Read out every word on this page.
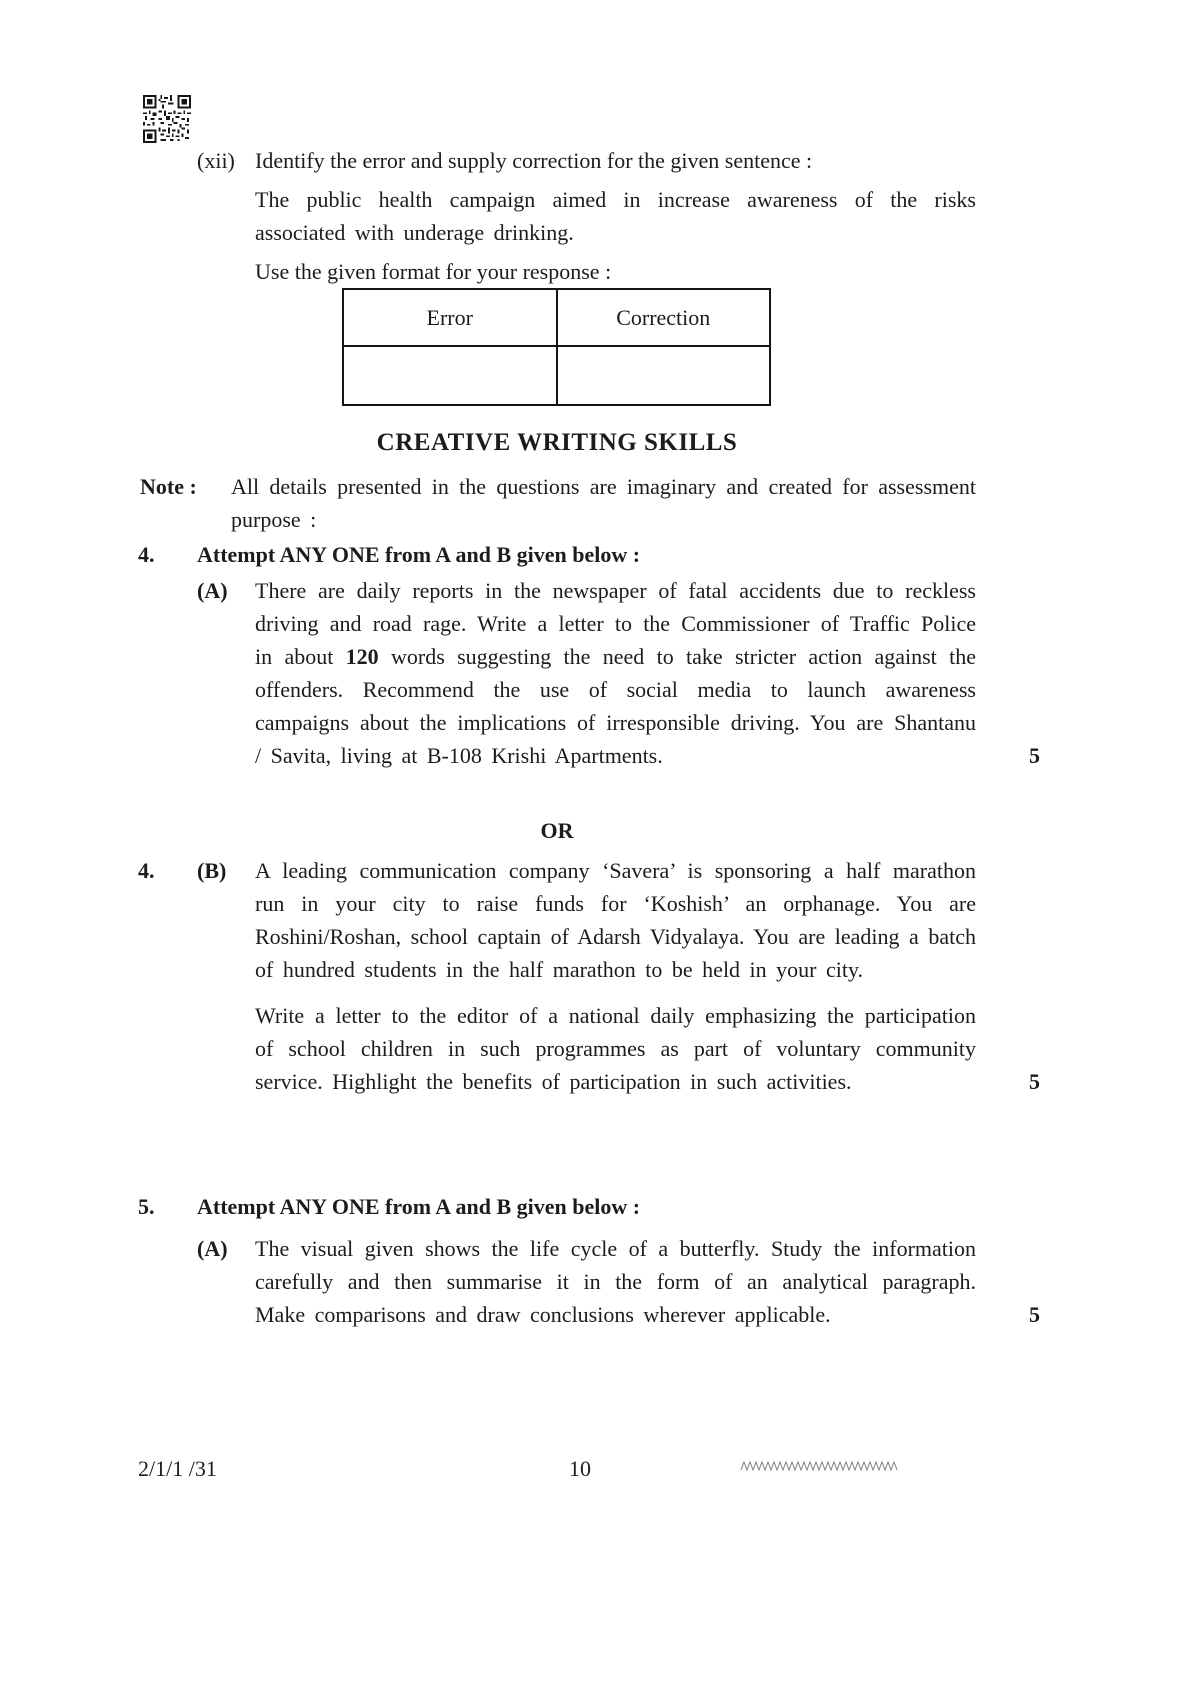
(xii) Identify the error and supply correction for the given sentence :

The public health campaign aimed in increase awareness of the risks associated with underage drinking.

Use the given format for your response :
Error	Correction
CREATIVE WRITING SKILLS
Note :	All details presented in the questions are imaginary and created for assessment purpose :

4.	Attempt ANY ONE from A and B given below :
(A)	There are daily reports in the newspaper of fatal accidents due to reckless driving and road rage. Write a letter to the Commissioner of Traffic Police in about 120 words suggesting the need to take stricter action against the offenders. Recommend the use of social media to launch awareness campaigns about the implications of irresponsible driving. You are Shantanu / Savita, living at B-108 Krishi Apartments.	5

OR
4.	(B)	A leading communication company ‘Savera’ is sponsoring a half marathon run in your city to raise funds for ‘Koshish’ an orphanage. You are Roshini/Roshan, school captain of Adarsh Vidyalaya. You are leading a batch of hundred students in the half marathon to be held in your city.

Write a letter to the editor of a national daily emphasizing the participation of school children in such programmes as part of voluntary community service. Highlight the benefits of participation in such activities.	5

5.	Attempt ANY ONE from A and B given below :
(A)	The visual given shows the life cycle of a butterfly. Study the information carefully and then summarise it in the form of an analytical paragraph. Make comparisons and draw conclusions wherever applicable.	5

2/1/1 /31	10
